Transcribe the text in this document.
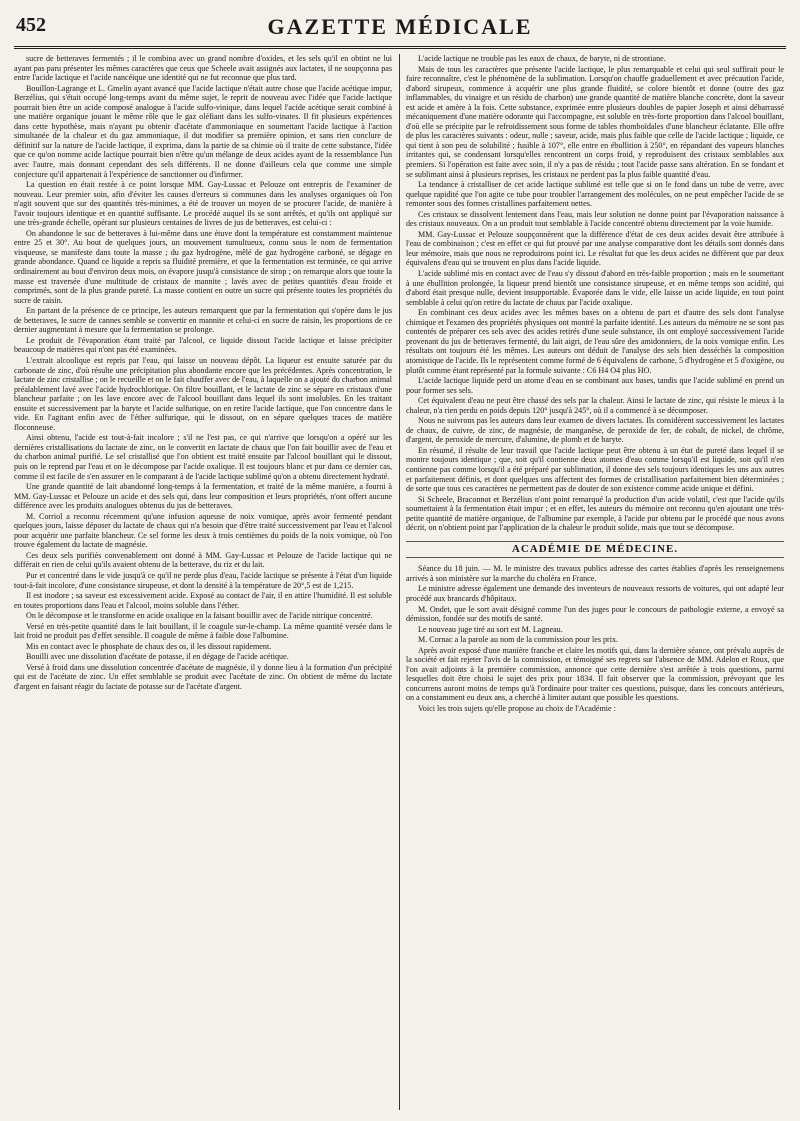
452	GAZETTE MÉDICALE

sucre de betteraves fermentés ; il le combina avec un grand nombre d'oxides, et les sels qu'il en obtint ne lui ayant pas paru présenter les mêmes caractères que ceux que Scheele avait assignés aux lactates, il ne soupçonna pas entre l'acide lactique et l'acide nancéique une identité qui ne fut reconnue que plus tard.

Bouillon-Lagrange et L. Gmelin ayant avancé que l'acide lactique n'était autre chose que l'acide acétique impur, Berzélius, qui s'était occupé long-temps avant du même sujet, le reprit de nouveau avec l'idée que l'acide lactique pourrait bien être un acide composé analogue à l'acide sulfo-vinique, dans lequel l'acide acétique serait combiné à une matière organique jouant le même rôle que le gaz oléfiant dans les sulfo-vinates. Il fit plusieurs expériences dans cette hypothèse, mais n'ayant pu obtenir d'acétate d'ammoniaque en soumettant l'acide lactique à l'action simultanée de la chaleur et du gaz ammoniaque, il dut modifier sa première opinion, et sans rien conclure de définitif sur la nature de l'acide lactique, il exprima, dans la partie de sa chimie où il traite de cette substance, l'idée que ce qu'on nomme acide lactique pourrait bien n'être qu'un mélange de deux acides ayant de la ressemblance l'un avec l'autre, mais donnant cependant des sels différents. Il ne donne d'ailleurs cela que comme une simple conjecture qu'il appartenait à l'expérience de sanctionner ou d'infirmer.

La question en était restée à ce point lorsque MM. Gay-Lussac et Pelouze ont entrepris de l'examiner de nouveau. Leur premier soin, afin d'éviter les causes d'erreurs si communes dans les analyses organiques où l'on n'agit souvent que sur des quantités très-minimes, a été de trouver un moyen de se procurer l'acide, de manière à l'avoir toujours identique et en quantité suffisante. Le procédé auquel ils se sont arrêtés, et qu'ils ont appliqué sur une très-grande échelle, opérant sur plusieurs centaines de livres de jus de betteraves, est celui-ci :

On abandonne le suc de betteraves à lui-même dans une étuve dont la température est constamment maintenue entre 25 et 30°. Au bout de quelques jours, un mouvement tumultueux, connu sous le nom de fermentation visqueuse, se manifeste dans toute la masse ; du gaz hydrogène, mêlé de gaz hydrogène carboné, se dégage en grande abondance. Quand ce liquide a repris sa fluidité première, et que la fermentation est terminée, ce qui arrive ordinairement au bout d'environ deux mois, on évapore jusqu'à consistance de sirop ; on remarque alors que toute la masse est traversée d'une multitude de cristaux de mannite ; lavés avec de petites quantités d'eau froide et comprimés, sont de la plus grande pureté. La masse contient en outre un sucre qui présente toutes les propriétés du sucre de raisin.

En partant de la présence de ce principe, les auteurs remarquent que par la fermentation qui s'opère dans le jus de betteraves, le sucre de cannes semble se convertir en mannite et celui-ci en sucre de raisin, les proportions de ce dernier augmentant à mesure que la fermentation se prolonge.

Le produit de l'évaporation étant traité par l'alcool, ce liquide dissout l'acide lactique et laisse précipiter beaucoup de matières qui n'ont pas été examinées.

L'extrait alcoolique est repris par l'eau, qui laisse un nouveau dépôt. La liqueur est ensuite saturée par du carbonate de zinc, d'où résulte une précipitation plus abondante encore que les précédentes. Après concentration, le lactate de zinc cristallise ; on le recueille et on le fait chauffer avec de l'eau, à laquelle on a ajouté du charbon animal préalablement lavé avec l'acide hydrochlorique. On filtre bouillant, et le lactate de zinc se sépare en cristaux d'une blancheur parfaite ; on les lave encore avec de l'alcool bouillant dans lequel ils sont insolubles. En les traitant ensuite et successivement par la baryte et l'acide sulfurique, on en retire l'acide lactique, que l'on concentre dans le vide. En l'agitant enfin avec de l'éther sulfurique, qui le dissout, on en sépare quelques traces de matière floconneuse.

Ainsi obtenu, l'acide est tout-à-fait incolore ; s'il ne l'est pas, ce qui n'arrive que lorsqu'on a opéré sur les dernières cristallisations du lactate de zinc, on le convertit en lactate de chaux que l'on fait bouillir avec de l'eau et du charbon animal purifié. Le sel cristallisé que l'on obtient est traité ensuite par l'alcool bouillant qui le dissout, puis on le reprend par l'eau et on le décompose par l'acide oxalique. Il est toujours blanc et pur dans ce dernier cas, comme il est facile de s'en assurer en le comparant à de l'acide lactique sublimé qu'on a obtenu directement hydraté.

Une grande quantité de lait abandonné long-temps à la fermentation, et traité de la même manière, a fourni à MM. Gay-Lussac et Pelouze un acide et des sels qui, dans leur composition et leurs propriétés, n'ont offert aucune différence avec les produits analogues obtenus du jus de betteraves.

M. Corriol a reconnu récemment qu'une infusion aqueuse de noix vomique, après avoir fermenté pendant quelques jours, laisse déposer du lactate de chaux qui n'a besoin que d'être traité successivement par l'eau et l'alcool pour acquérir une parfaite blancheur. Ce sel forme les deux à trois centièmes du poids de la noix vomique, où l'on trouve également du lactate de magnésie.

Ces deux sels purifiés convenablement ont donné à MM. Gay-Lussac et Pelouze de l'acide lactique qui ne différait en rien de celui qu'ils avaient obtenu de la betterave, du riz et du lait.

Pur et concentré dans le vide jusqu'à ce qu'il ne perde plus d'eau, l'acide lactique se présente à l'état d'un liquide tout-à-fait incolore, d'une consistance sirupeuse, et dont la densité à la température de 20°,5 est de 1,215.

Il est inodore ; sa saveur est excessivement acide. Exposé au contact de l'air, il en attire l'humidité. Il est soluble en toutes proportions dans l'eau et l'alcool, moins soluble dans l'éther.

On le décompose et le transforme en acide oxalique en la faisant bouillir avec de l'acide nitrique concentré.

Versé en très-petite quantité dans le lait bouillant, il le coagule sur-le-champ. La même quantité versée dans le lait froid ne produit pas d'effet sensible. Il coagule de même à faible dose l'albumine.

Mis en contact avec le phosphate de chaux des os, il les dissout rapidement.

Bouilli avec une dissolution d'acétate de potasse, il en dégage de l'acide acétique.

Versé à froid dans une dissolution concentrée d'acétate de magnésie, il y donne lieu à la formation d'un précipité qui est de l'acétate de zinc. Un effet semblable se produit avec l'acétate de zinc. On obtient de même du lactate d'argent en faisant réagir du lactate de potasse sur de l'acétate d'argent.

L'acide lactique ne trouble pas les eaux de chaux, de baryte, ni de strontiane.

Mais de tous les caractères que présente l'acide lactique, le plus remarquable et celui qui seul suffirait pour le faire reconnaître, c'est le phénomène de la sublimation. Lorsqu'on chauffe graduellement et avec précaution l'acide, d'abord sirupeux, commence à acquérir une plus grande fluidité, se colore bientôt et donne (outre des gaz inflammables, du vinaigre et un résidu de charbon) une grande quantité de matière blanche concrète, dont la saveur est acide et amère à la fois. Cette substance, exprimée entre plusieurs doubles de papier Joseph et ainsi débarrassé mécaniquement d'une matière odorante qui l'accompagne, est soluble en très-forte proportion dans l'alcool bouillant, d'où elle se précipite par le refroidissement sous forme de tables rhomboïdales d'une blancheur éclatante. Elle offre de plus les caractères suivants : odeur, nulle ; saveur, acide, mais plus faible que celle de l'acide lactique ; liquide, ce qui tient à son peu de solubilité ; fusible à 107°, elle entre en ébullition à 250°, en répandant des vapeurs blanches irritantes qui, se condensant lorsqu'elles rencontrent un corps froid, y reproduisent des cristaux semblables aux premiers. Si l'opération est faite avec soin, il n'y a pas de résidu ; tout l'acide passe sans altération. En se fondant et se sublimant ainsi à plusieurs reprises, les cristaux ne perdent pas la plus faible quantité d'eau.

La tendance à cristalliser de cet acide lactique sublimé est telle que si on le fond dans un tube de verre, avec quelque rapidité que l'on agite ce tube pour troubler l'arrangement des molécules, on ne peut empêcher l'acide de se remonter sous des formes cristallines parfaitement nettes.

Ces cristaux se dissolvent lentement dans l'eau, mais leur solution ne donne point par l'évaporation naissance à des cristaux nouveaux. On a un produit tout semblable à l'acide concentré obtenu directement par la voie humide.

MM. Gay-Lussac et Pelouze soupçonnèrent que la différence d'état de ces deux acides devait être attribuée à l'eau de combinaison ; c'est en effet ce qui fut prouvé par une analyse comparative dont les détails sont donnés dans leur mémoire, mais que nous ne reproduirons point ici. Le résultat fut que les deux acides ne diffèrent que par deux équivalens d'eau qui se trouvent en plus dans l'acide liquide.

L'acide sublimé mis en contact avec de l'eau s'y dissout d'abord en très-faible proportion ; mais en le soumettant à une ébullition prolongée, la liqueur prend bientôt une consistance sirupeuse, et en même temps son acidité, qui d'abord était presque nulle, devient insupportable. Évaporée dans le vide, elle laisse un acide liquide, en tout point semblable à celui qu'on retire du lactate de chaux par l'acide oxalique.

En combinant ces deux acides avec les mêmes bases on a obtenu de part et d'autre des sels dont l'analyse chimique et l'examen des propriétés physiques ont montré la parfaite identité. Les auteurs du mémoire ne se sont pas contentés de préparer ces sels avec des acides retirés d'une seule substance, ils ont employé successivement l'acide provenant du jus de betteraves fermenté, du lait aigri, de l'eau sûre des amidonniers, de la noix vomique enfin. Les résultats ont toujours été les mêmes. Les auteurs ont déduit de l'analyse des sels bien desséchés la composition atomistique de l'acide. Ils le représentent comme formé de 6 équivalens de carbone, 5 d'hydrogène et 5 d'oxigène, ou plutôt comme étant représenté par la formule suivante : C6 H4 O4 plus HO.

L'acide lactique liquide perd un atome d'eau en se combinant aux bases, tandis que l'acide sublimé en prend un pour former ses sels.

Cet équivalent d'eau ne peut être chassé des sels par la chaleur. Ainsi le lactate de zinc, qui résiste le mieux à la chaleur, n'a rien perdu en poids depuis 120° jusqu'à 245°, où il a commencé à se décomposer.

Nous ne suivrons pas les auteurs dans leur examen de divers lactates. Ils considèrent successivement les lactates de chaux, de cuivre, de zinc, de magnésie, de manganèse, de peroxide de fer, de cobalt, de nickel, de chrôme, d'argent, de peroxide de mercure, d'alumine, de plomb et de baryte.

En résumé, il résulte de leur travail que l'acide lactique peut être obtenu à un état de pureté dans lequel il se montre toujours identique ; que, soit qu'il contienne deux atomes d'eau comme lorsqu'il est liquide, soit qu'il n'en contienne pas comme lorsqu'il a été préparé par sublimation, il donne des sels toujours identiques les uns aux autres et parfaitement définis, et dont quelques uns affectent des formes de cristallisation parfaitement bien déterminées ; de sorte que tous ces caractères ne permettent pas de douter de son existence comme acide unique et défini.

Si Scheele, Braconnot et Berzélius n'ont point remarqué la production d'un acide volatil, c'est que l'acide qu'ils soumettaient à la fermentation était impur ; et en effet, les auteurs du mémoire ont reconnu qu'en ajoutant une très-petite quantité de matière organique, de l'albumine par exemple, à l'acide pur obtenu par le procédé que nous avons décrit, on n'obtient point par l'application de la chaleur le produit solide, mais que tout se décompose.

ACADÉMIE DE MÉDECINE.

Séance du 18 juin. — M. le ministre des travaux publics adresse des cartes établies d'après les renseignemens arrivés à son ministère sur la marche du choléra en France.

Le ministre adresse également une demande des inventeurs de nouveaux ressorts de voitures, qui ont adapté leur procédé aux brancards d'hôpitaux.

M. Ondet, que le sort avait désigné comme l'un des juges pour le concours de pathologie externe, a envoyé sa démission, fondée sur des motifs de santé.

Le nouveau juge tiré au sort est M. Lagneau.

M. Cornac a la parole au nom de la commission pour les prix.

Après avoir exposé d'une manière franche et claire les motifs qui, dans la dernière séance, ont prévalu auprès de la société et fait rejeter l'avis de la commission, et témoigné ses regrets sur l'absence de MM. Adelon et Roux, que l'on avait adjoints à la première commission, annonce que cette dernière s'est arrêtée à trois questions, parmi lesquelles doit être choisi le sujet des prix pour 1834. Il fait observer que la commission, prévoyant que les concurrens auront moins de temps qu'à l'ordinaire pour traiter ces questions, puisque, dans les concours antérieurs, on a constamment eu deux ans, a cherché à limiter autant que possible les questions.

Voici les trois sujets qu'elle propose au choix de l'Académie :
